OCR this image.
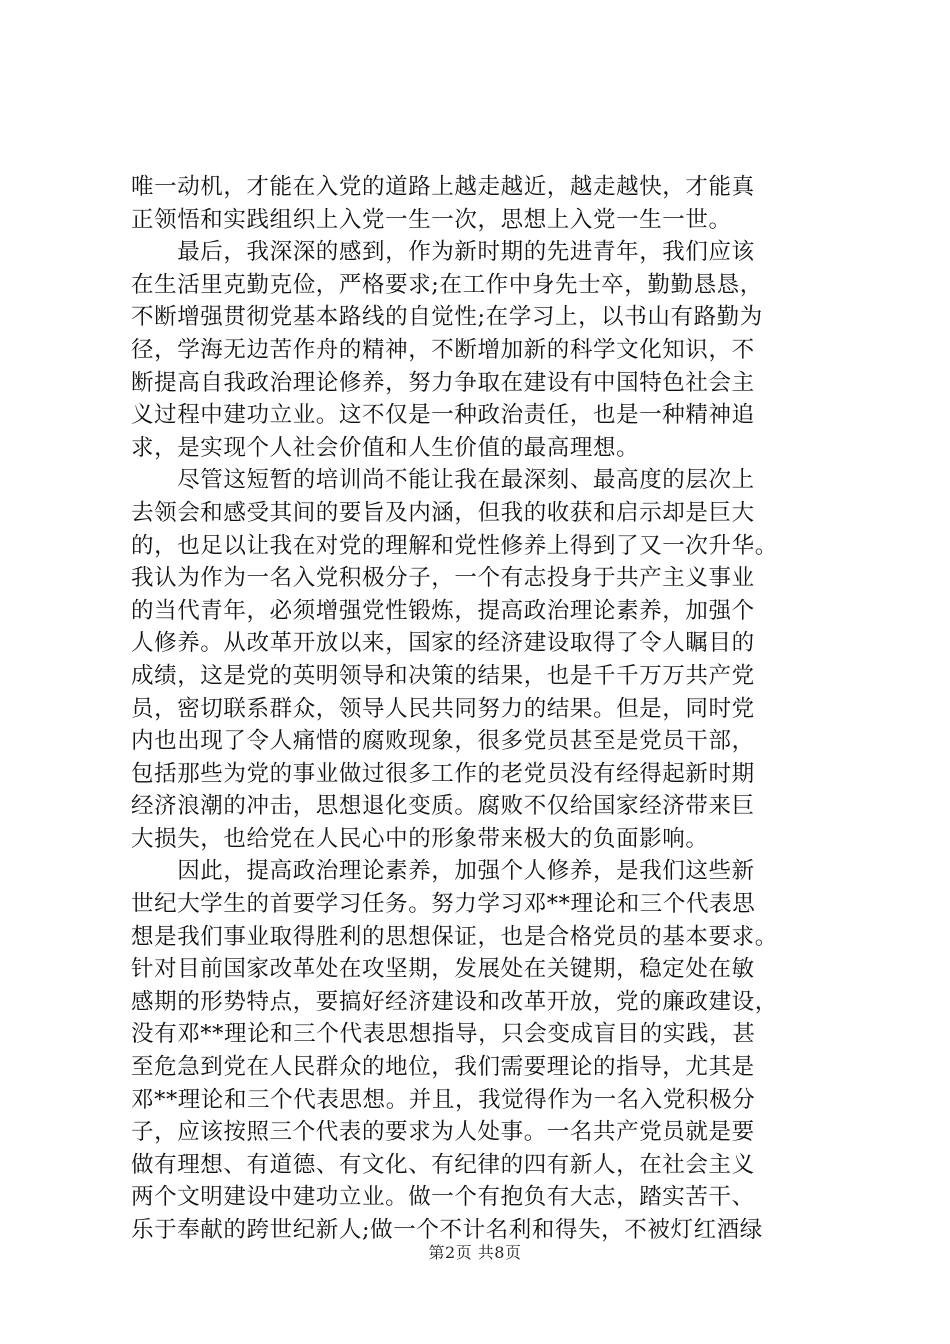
唯一动机，才能在入党的道路上越走越近，越走越快，才能真
正领悟和实践组织上入党一生一次，思想上入党一生一世。
　　最后，我深深的感到，作为新时期的先进青年，我们应该
在生活里克勤克俭，严格要求;在工作中身先士卒，勤勤恳恳，
不断增强贯彻党基本路线的自觉性;在学习上，以书山有路勤为
径，学海无边苦作舟的精神，不断增加新的科学文化知识，不
断提高自我政治理论修养，努力争取在建设有中国特色社会主
义过程中建功立业。这不仅是一种政治责任，也是一种精神追
求，是实现个人社会价值和人生价值的最高理想。
　　尽管这短暂的培训尚不能让我在最深刻、最高度的层次上
去领会和感受其间的要旨及内涵，但我的收获和启示却是巨大
的，也足以让我在对党的理解和党性修养上得到了又一次升华。
我认为作为一名入党积极分子，一个有志投身于共产主义事业
的当代青年，必须增强党性锻炼，提高政治理论素养，加强个
人修养。从改革开放以来，国家的经济建设取得了令人瞩目的
成绩，这是党的英明领导和决策的结果，也是千千万万共产党
员，密切联系群众，领导人民共同努力的结果。但是，同时党
内也出现了令人痛惜的腐败现象，很多党员甚至是党员干部，
包括那些为党的事业做过很多工作的老党员没有经得起新时期
经济浪潮的冲击，思想退化变质。腐败不仅给国家经济带来巨
大损失，也给党在人民心中的形象带来极大的负面影响。
　　因此，提高政治理论素养，加强个人修养，是我们这些新
世纪大学生的首要学习任务。努力学习邓**理论和三个代表思
想是我们事业取得胜利的思想保证，也是合格党员的基本要求。
针对目前国家改革处在攻坚期，发展处在关键期，稳定处在敏
感期的形势特点，要搞好经济建设和改革开放，党的廉政建设，
没有邓**理论和三个代表思想指导，只会变成盲目的实践，甚
至危急到党在人民群众的地位，我们需要理论的指导，尤其是
邓**理论和三个代表思想。并且，我觉得作为一名入党积极分
子，应该按照三个代表的要求为人处事。一名共产党员就是要
做有理想、有道德、有文化、有纪律的四有新人，在社会主义
两个文明建设中建功立业。做一个有抱负有大志，踏实苦干、
乐于奉献的跨世纪新人;做一个不计名利和得失，不被灯红酒绿
第2页 共8页
